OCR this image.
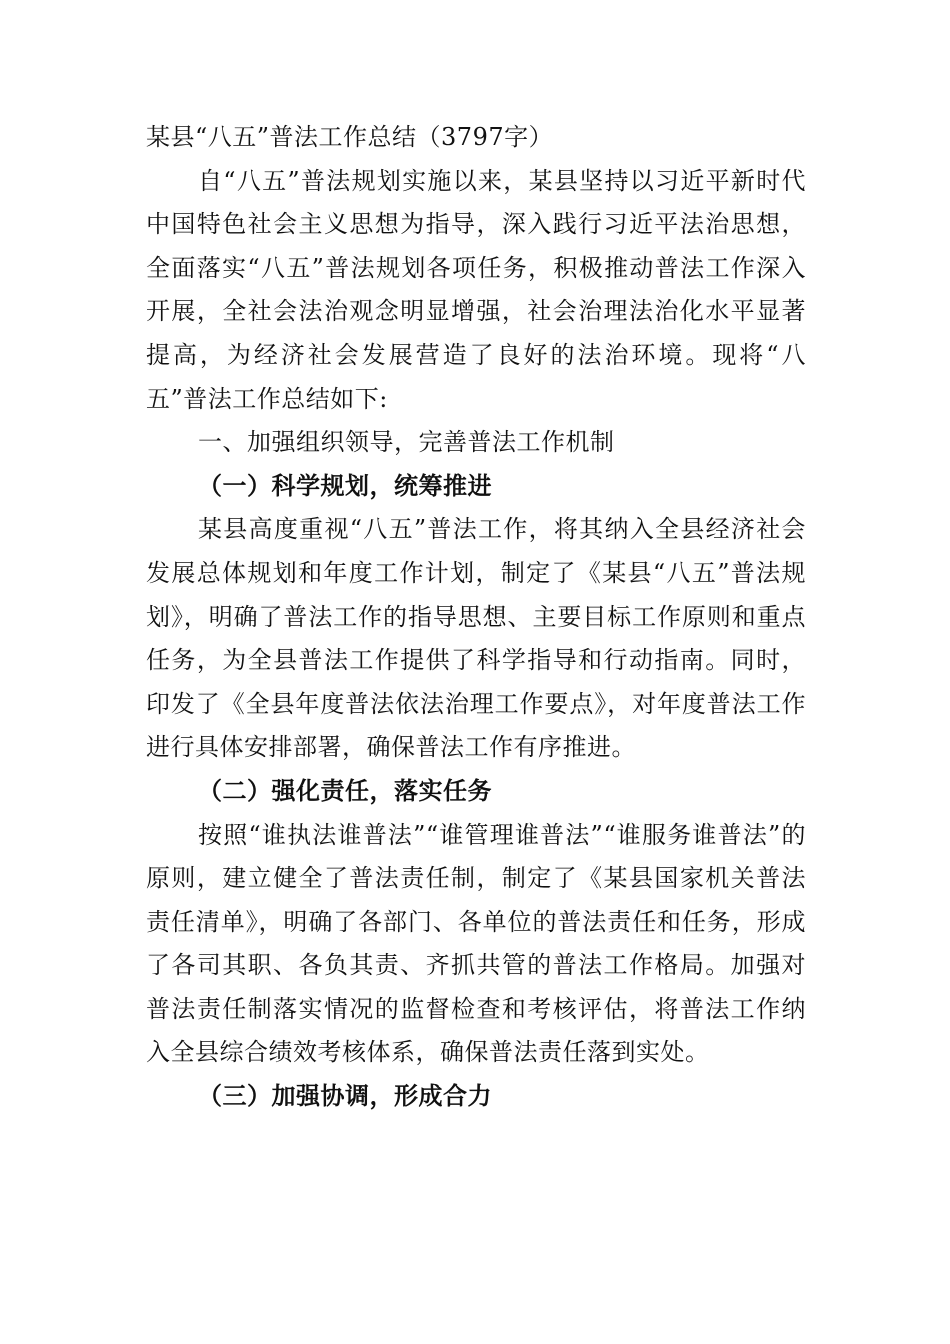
某县“八五”普法工作总结（3797字）

自“八五”普法规划实施以来，某县坚持以习近平新时代中国特色社会主义思想为指导，深入践行习近平法治思想，全面落实“八五”普法规划各项任务，积极推动普法工作深入开展，全社会法治观念明显增强，社会治理法治化水平显著提高，为经济社会发展营造了良好的法治环境。现将“八五”普法工作总结如下:

一、加强组织领导，完善普法工作机制

（一）科学规划，统筹推进

某县高度重视“八五”普法工作，将其纳入全县经济社会发展总体规划和年度工作计划，制定了《某县“八五”普法规划》，明确了普法工作的指导思想、主要目标工作原则和重点任务，为全县普法工作提供了科学指导和行动指南。同时，印发了《全县年度普法依法治理工作要点》，对年度普法工作进行具体安排部署，确保普法工作有序推进。

（二）强化责任，落实任务

按照“谁执法谁普法”“谁管理谁普法”“谁服务谁普法”的原则，建立健全了普法责任制，制定了《某县国家机关普法责任清单》，明确了各部门、各单位的普法责任和任务，形成了各司其职、各负其责、齐抓共管的普法工作格局。加强对普法责任制落实情况的监督检查和考核评估，将普法工作纳入全县综合绩效考核体系，确保普法责任落到实处。

（三）加强协调，形成合力
